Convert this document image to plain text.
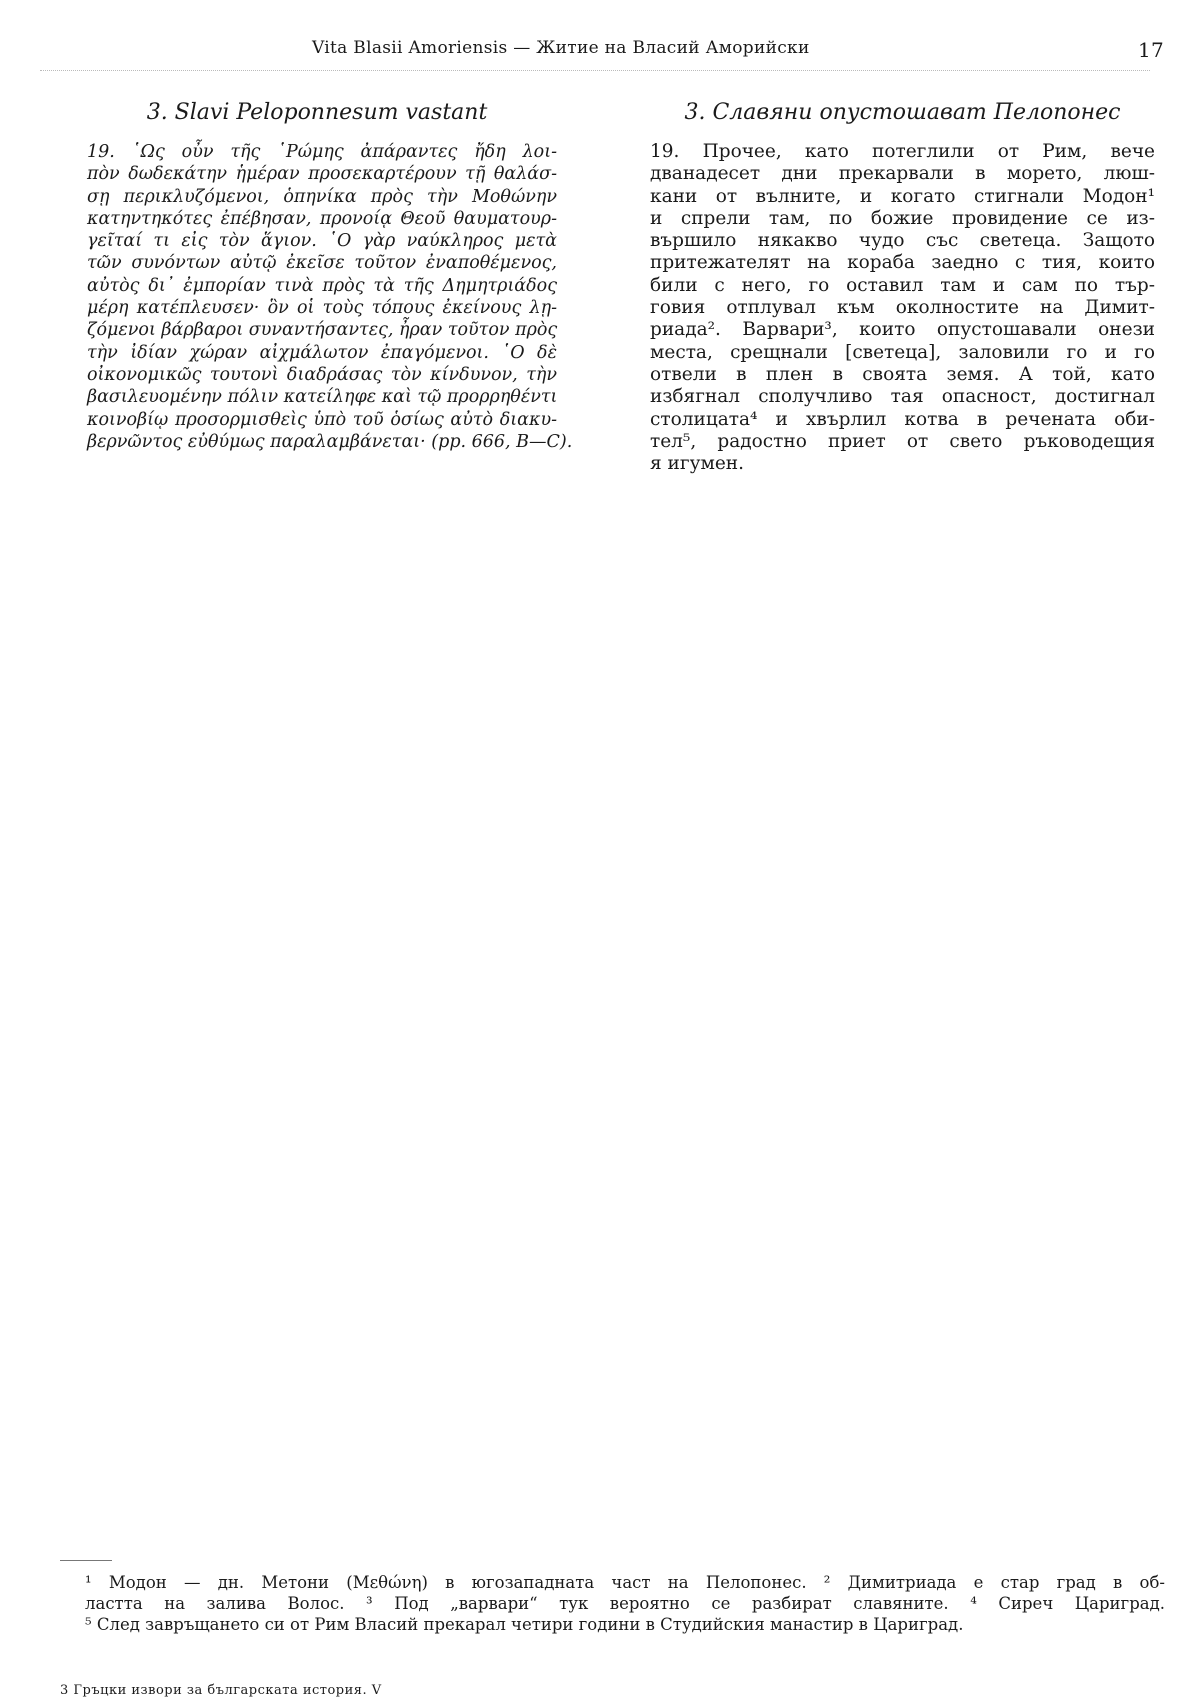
Vita Blasii Amoriensis — Житие на Власий Аморийски	17
3. Slavi Peloponnesum vastant
19. ῾Ως οὖν τῆς ῾Ρώμης ἀπάραντες ἤδη λοι-
πὸν δωδεκάτην ἡμέραν προσεκαρτέρουν τῇ θαλάσ-
σῃ περικλυζόμενοι, ὁπηνίκα πρὸς τὴν Μοθώνην
κατηντηκότες ἐπέβησαν, προνοίᾳ Θεοῦ θαυματουρ-
γεῖταί τι εἰς τὸν ἅγιον. ῾Ο γὰρ ναύκληρος μετὰ
τῶν συνόντων αὐτῷ ἐκεῖσε τοῦτον ἐναποθέμενος,
αὐτὸς δι᾿ ἐμπορίαν τινὰ πρὸς τὰ τῆς Δημητριάδος
μέρη κατέπλευσεν· ὃν οἱ τοὺς τόπους ἐκείνους λῃ-
ζόμενοι βάρβαροι συναντήσαντες, ἦραν τοῦτον πρὸς
τὴν ἰδίαν χώραν αἰχμάλωτον ἐπαγόμενοι. ῾Ο δὲ
οἰκονομικῶς τουτονὶ διαδράσας τὸν κίνδυνον, τὴν
βασιλευομένην πόλιν κατείληφε καὶ τῷ προρρηθέντι
κοινοβίῳ προσορμισθεὶς ὑπὸ τοῦ ὁσίως αὐτὸ διακυ-
βερνῶντος εὐθύμως παραλαμβάνεται· (pp. 666, B—C).
3. Славяни опустошават Пелопонес
19. Прочее, като потеглили от Рим, вече
дванадесет дни прекарвали в морето, люш-
кани от вълните, и когато стигнали Модон¹
и спрели там, по божие провидение се из-
вършило някакво чудо със светеца. Защото
притежателят на кораба заедно с тия, които
били с него, го оставил там и сам по тър-
говия отплувал към околностите на Димит-
риада². Варвари³, които опустошавали онези
места, срещнали [светеца], заловили го и го
отвели в плен в своята земя. А той, като
избягнал сполучливо тая опасност, достигнал
столицата⁴ и хвърлил котва в речената оби-
тел⁵, радостно приет от свето ръководещия
я игумен.
¹ Модон — дн. Метони (Μεθώνη) в югозападната част на Пелопонес. ² Димитриада е стар град в об-
ластта на залива Волос. ³ Под „варвари“ тук вероятно се разбират славяните. ⁴ Сиреч Цариград.
⁵ След завръщането си от Рим Власий прекарал четири години в Студийския манастир в Цариград.
3 Гръцки извори за българската история. V
